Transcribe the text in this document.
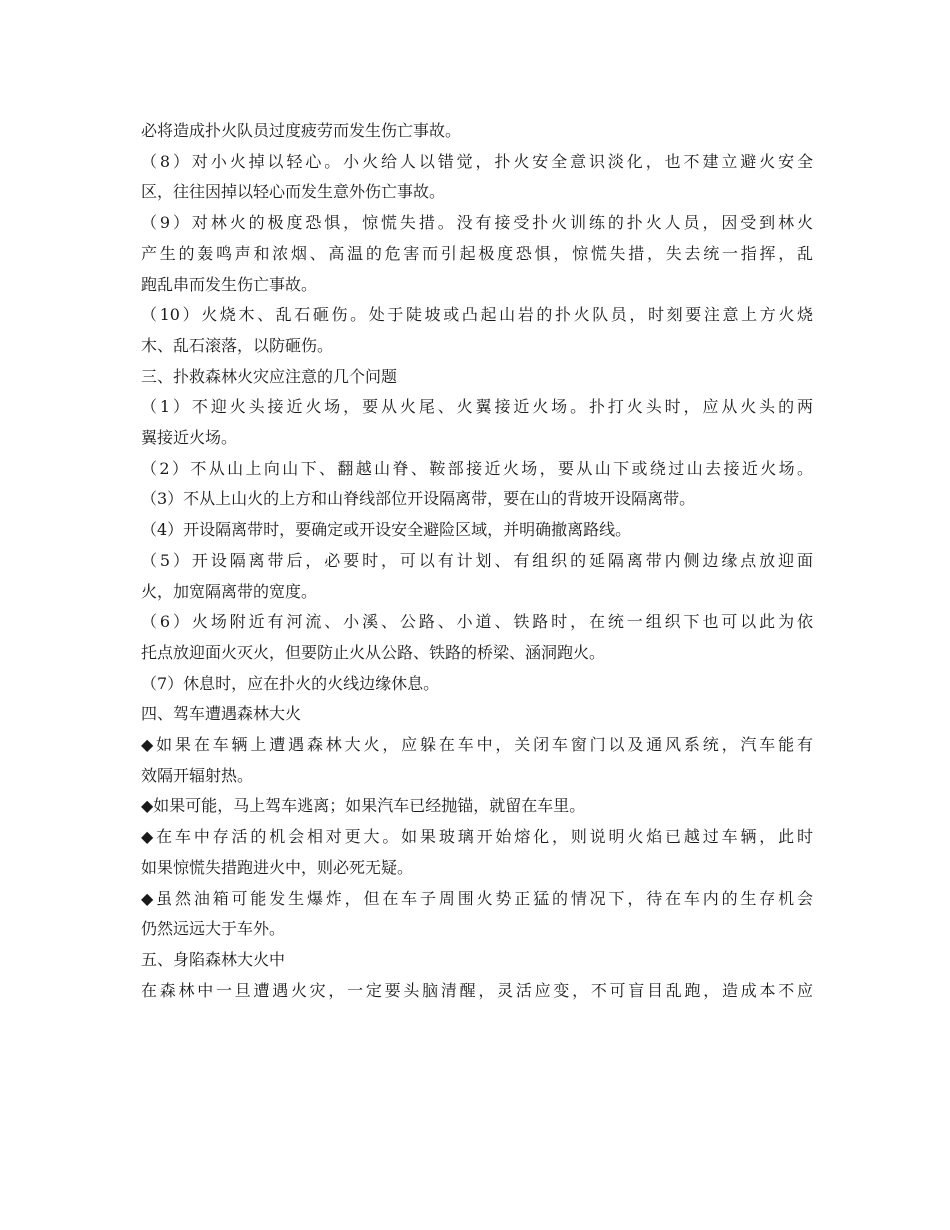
必将造成扑火队员过度疲劳而发生伤亡事故。
（8）对小火掉以轻心。小火给人以错觉，扑火安全意识淡化，也不建立避火安全
区，往往因掉以轻心而发生意外伤亡事故。
（9）对林火的极度恐惧，惊慌失措。没有接受扑火训练的扑火人员，因受到林火
产生的轰鸣声和浓烟、高温的危害而引起极度恐惧，惊慌失措，失去统一指挥，乱
跑乱串而发生伤亡事故。
（10）火烧木、乱石砸伤。处于陡坡或凸起山岩的扑火队员，时刻要注意上方火烧
木、乱石滚落，以防砸伤。
三、扑救森林火灾应注意的几个问题
（1）不迎火头接近火场，要从火尾、火翼接近火场。扑打火头时，应从火头的两
翼接近火场。
（2）不从山上向山下、翻越山脊、鞍部接近火场，要从山下或绕过山去接近火场。
（3）不从上山火的上方和山脊线部位开设隔离带，要在山的背坡开设隔离带。
（4）开设隔离带时，要确定或开设安全避险区域，并明确撤离路线。
（5）开设隔离带后，必要时，可以有计划、有组织的延隔离带内侧边缘点放迎面
火，加宽隔离带的宽度。
（6）火场附近有河流、小溪、公路、小道、铁路时，在统一组织下也可以此为依
托点放迎面火灭火，但要防止火从公路、铁路的桥梁、涵洞跑火。
（7）休息时，应在扑火的火线边缘休息。
四、驾车遭遇森林大火
◆如果在车辆上遭遇森林大火，应躲在车中，关闭车窗门以及通风系统，汽车能有
效隔开辐射热。
◆如果可能，马上驾车逃离；如果汽车已经抛锚，就留在车里。
◆在车中存活的机会相对更大。如果玻璃开始熔化，则说明火焰已越过车辆，此时
如果惊慌失措跑进火中，则必死无疑。
◆虽然油箱可能发生爆炸，但在车子周围火势正猛的情况下，待在车内的生存机会
仍然远远大于车外。
五、身陷森林大火中
在森林中一旦遭遇火灾，一定要头脑清醒，灵活应变，不可盲目乱跑，造成本不应
